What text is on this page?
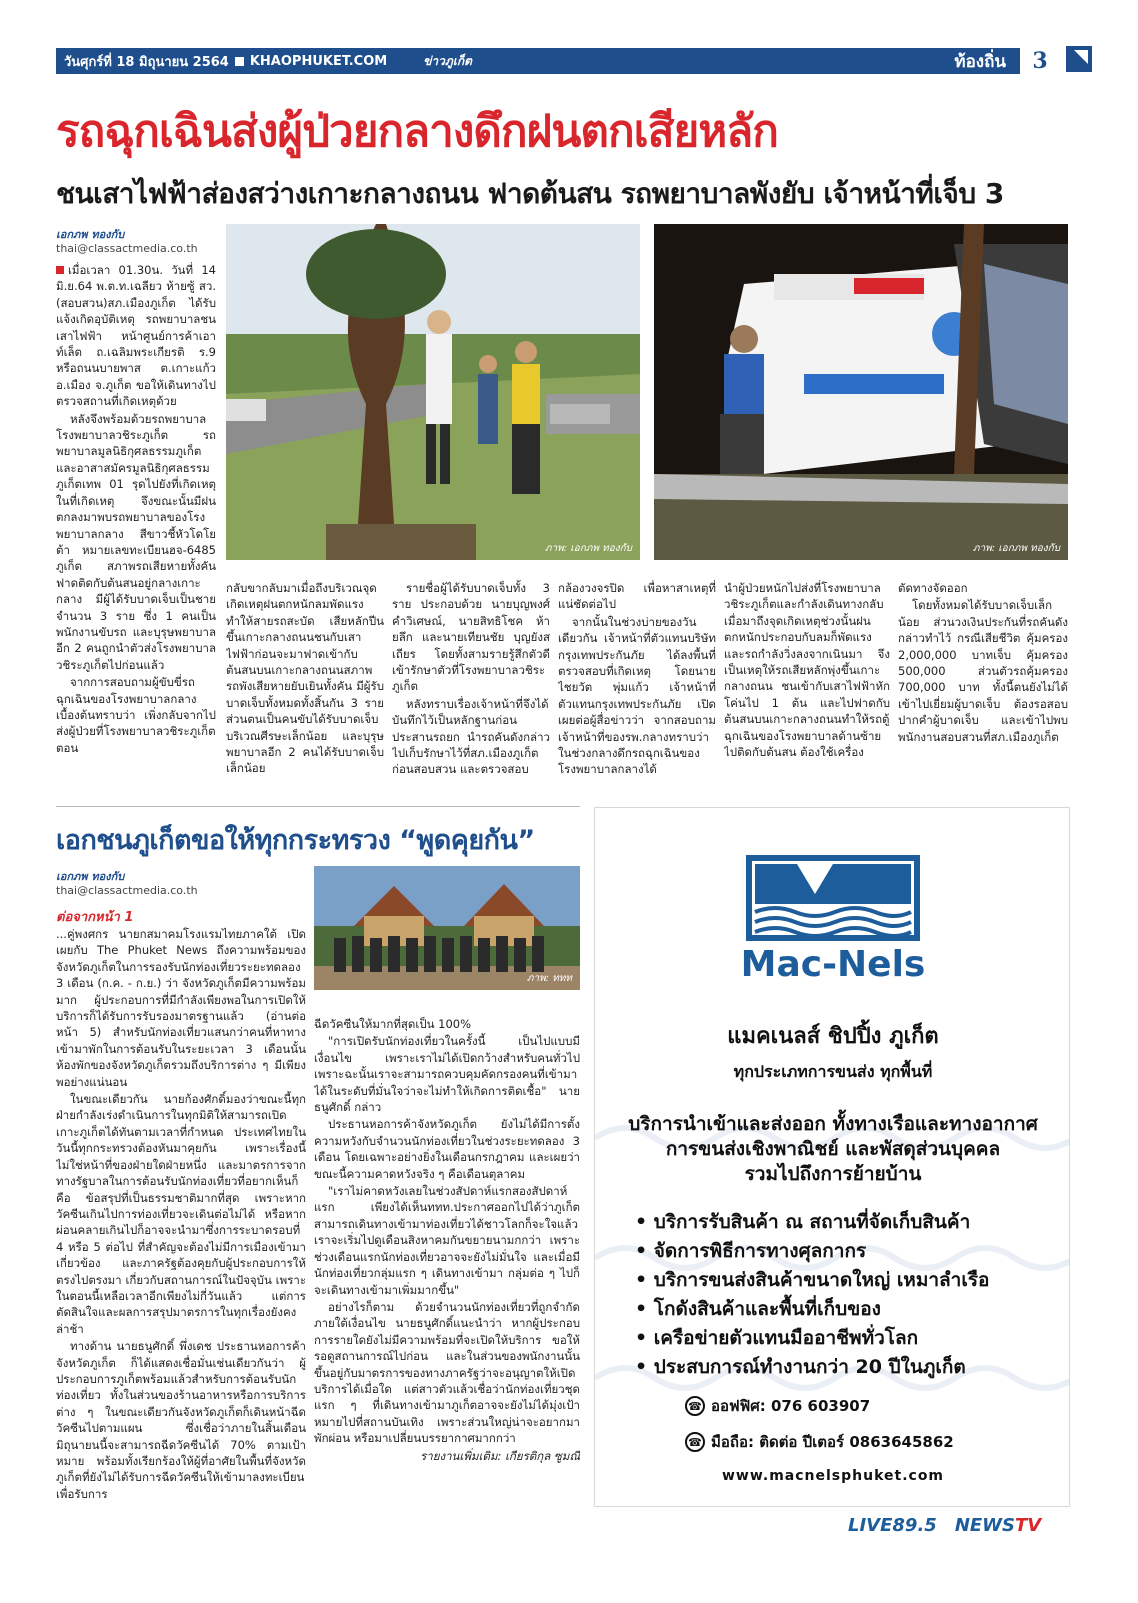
วันศุกร์ที่ 18 มิถุนายน 2564 KHAOPHUKET.COM	ข่าวภูเก็ต	ท้องถิ่น	3
รถฉุกเฉินส่งผู้ป่วยกลางดึกฝนตกเสียหลัก
ชนเสาไฟฟ้าส่องสว่างเกาะกลางถนน ฟาดต้นสน รถพยาบาลพังยับ เจ้าหน้าที่เจ็บ 3
เอกภพ ทองกับ
thai@classactmedia.co.th
ภาพ: เอกภพ ทองกับ	ภาพ: เอกภพ ทองกับ

เมื่อเวลา 01.30น. วันที่ 14 มิ.ย.64 พ.ต.ท.เฉลียว ห้ายซู้ สว.(สอบสวน)สภ.เมืองภูเก็ต ได้รับแจ้งเกิดอุบัติเหตุ รถพยาบาลชนเสาไฟฟ้า หน้าศูนย์การค้าเอาท์เล็ต ถ.เฉลิมพระเกียรติ ร.9 หรือถนนบายพาส ต.เกาะแก้ว อ.เมือง จ.ภูเก็ต ขอให้เดินทางไปตรวจสถานที่เกิดเหตุด้วย

หลังจึงพร้อมด้วยรถพยาบาล โรงพยาบาลวชิระภูเก็ต รถพยาบาลมูลนิธิกุศลธรรมภูเก็ต และอาสาสมัครมูลนิธิกุศลธรรมภูเก็ตเทพ 01 รุดไปยังที่เกิดเหตุในที่เกิดเหตุ จึงขณะนั้นมีฝนตกลงมาพบรถพยาบาลของโรงพยาบาลกลาง สีขาวชี้หัวโดโยต้า หมายเลขทะเบียนฮจ-6485 ภูเก็ต สภาพรถเสียหายทั้งคันฟาดติดกับต้นสนอยู่กลางเกาะกลาง มีผู้ได้รับบาดเจ็บเป็นชายจำนวน 3 ราย ซึ่ง 1 คนเป็นพนักงานขับรถ และบุรุษพยาบาลอีก 2 คนถูกนำตัวส่งโรงพยาบาลวชิระภูเก็ตไปก่อนแล้ว

จากการสอบถามผู้ขับขี่รถฉุกเฉินของโรงพยาบาลกลางเบื้องต้นทราบว่า เพิ่งกลับจากไปส่งผู้ป่วยที่โรงพยาบาลวชิระภูเก็ต ตอน

กลับขากลับมาเมื่อถึงบริเวณจุดเกิดเหตุฝนตกหนักลมพัดแรงทำให้สายรถสะบัด เสียหลักปีนขึ้นเกาะกลางถนนชนกับเสาไฟฟ้าก่อนจะมาฟาดเข้ากับต้นสนบนเกาะกลางถนนสภาพรถพังเสียหายยับเยินทั้งคัน มีผู้รับบาดเจ็บทั้งหมดทั้งสิ้นกัน 3 ราย ส่วนตนเป็นคนขับได้รับบาดเจ็บบริเวณศีรษะเล็กน้อย และบุรุษพยาบาลอีก 2 คนได้รับบาดเจ็บเล็กน้อย

รายชื่อผู้ได้รับบาดเจ็บทั้ง 3 ราย ประกอบด้วย นายบุญพงศ์ คำวิเศษณ์, นายสิทธิโชค ห้ายลึก และนายเทียนชัย บุญยังสเถียร โดยทั้งสามรายรู้สึกตัวดีเข้ารักษาตัวที่โรงพยาบาลวชิระภูเก็ต

หลังทราบเรื่องเจ้าหน้าที่จึงได้บันทึกไว้เป็นหลักฐานก่อนประสานรถยก นำรถคันดังกล่าวไปเก็บรักษาไว้ที่สภ.เมืองภูเก็ตก่อนสอบสวน และตรวจสอบ

กล้องวงจรปิด เพื่อหาสาเหตุที่แน่ชัดต่อไป

จากนั้นในช่วงบ่ายของวันเดียวกัน เจ้าหน้าที่ตัวแทนบริษัทกรุงเทพประกันภัย ได้ลงพื้นที่ตรวจสอบที่เกิดเหตุ โดยนายไชยวัต พุ่มแก้ว เจ้าหน้าที่ตัวแทนกรุงเทพประกันภัย เปิดเผยต่อผู้สื่อข่าวว่า จากสอบถามเจ้าหน้าที่ของรพ.กลางทราบว่า ในช่วงกลางดึกรถฉุกเฉินของโรงพยาบาลกลางได้

นำผู้ป่วยหนักไปส่งที่โรงพยาบาลวชิระภูเก็ตและกำลังเดินทางกลับ เมื่อมาถึงจุดเกิดเหตุช่วงนั้นฝนตกหนักประกอบกับลมก็พัดแรง และรถกำลังวิ่งลงจากเนินมา จึงเป็นเหตุให้รถเสียหลักพุ่งขึ้นเกาะกลางถนน ชนเข้ากับเสาไฟฟ้าหักโค่นไป 1 ต้น และไปฟาดกับต้นสนบนเกาะกลางถนนทำให้รถตู้ฉุกเฉินของโรงพยาบาลด้านซ้ายไปติดกับต้นสน ต้องใช้เครื่อง

ตัดทางจัดออก

โดยทั้งหมดได้รับบาดเจ็บเล็กน้อย ส่วนวงเงินประกันที่รถคันดังกล่าวทำไว้ กรณีเสียชีวิต คุ้มครอง 2,000,000 บาทเจ็บ คุ้มครอง 500,000 ส่วนตัวรถคุ้มครอง 700,000 บาท ทั้งนี้ตนยังไม่ได้เข้าไปเยี่ยมผู้บาดเจ็บ ต้องรอสอบปากคำผู้บาดเจ็บ และเข้าไปพบพนักงานสอบสวนที่สภ.เมืองภูเก็ต

เอกชนภูเก็ตขอให้ทุกกระทรวง “พูดคุยกัน”
เอกภพ ทองกับ
thai@classactmedia.co.th
ต่อจากหน้า 1
ภาพ: ททท

...คู่พงศกร นายกสมาคมโรงแรมไทยภาคใต้ เปิดเผยกับ The Phuket News ถึงความพร้อมของจังหวัดภูเก็ตในการรองรับนักท่องเที่ยวระยะทดลอง 3 เดือน (ก.ค. - ก.ย.) ว่า จังหวัดภูเก็ตมีความพร้อมมาก ผู้ประกอบการที่มีกำลังเพียงพอในการเปิดให้บริการก็ได้รับการรับรองมาตรฐานแล้ว (อ่านต่อหน้า 5) สำหรับนักท่องเที่ยวแสนกว่าคนที่หาทางเข้ามาพักในการต้อนรับในระยะเวลา 3 เดือนนั้น ห้องพักของจังหวัดภูเก็ตรวมถึงบริการต่าง ๆ มีเพียงพอย่างแน่นอน

ในขณะเดียวกัน นายก้องศักดิ์มองว่าขณะนี้ทุกฝ่ายกำลังเร่งดำเนินการในทุกมิติให้สามารถเปิดเกาะภูเก็ตได้ทันตามเวลาที่กำหนด ประเทศไทยในวันนี้ทุกกระทรวงต้องหันมาคุยกัน เพราะเรื่องนี้ไม่ใช่หน้าที่ของฝ่ายใดฝ่ายหนึ่ง และมาตรการจากทางรัฐบาลในการต้อนรับนักท่องเที่ยวที่อยากเห็นก็คือ ข้อสรุปที่เป็นธรรมชาติมากที่สุด เพราะหากวัคซีนเกินไปการท่องเที่ยวจะเดินต่อไม่ได้ หรือหากผ่อนคลายเกินไปก็อาจจะนำมาซึ่งการระบาดรอบที่ 4 หรือ 5 ต่อไป ที่สำคัญจะต้องไม่มีการเมืองเข้ามาเกี่ยวข้อง และภาครัฐต้องคุยกับผู้ประกอบการให้ตรงไปตรงมา เกี่ยวกับสถานการณ์ในปัจจุบัน เพราะในตอนนี้เหลือเวลาอีกเพียงไม่กี่วันแล้ว แต่การตัดสินใจและผลการสรุปมาตรการในทุกเรื่องยังคงล่าช้า

ทางด้าน นายธนูศักดิ์ พึ่งเดช ประธานหอการค้าจังหวัดภูเก็ต ก็ได้แสดงเชื่อมั่นเช่นเดียวกันว่า ผู้ประกอบการภูเก็ตพร้อมแล้วสำหรับการต้อนรับนักท่องเที่ยว ทั้งในส่วนของร้านอาหารหรือการบริการต่าง ๆ ในขณะเดียวกันจังหวัดภูเก็ตก็เดินหน้าฉีดวัคซีนไปตามแผน ซึ่งเชื่อว่าภายในสิ้นเดือนมิถุนายนนี้จะสามารถฉีดวัคซีนได้ 70% ตามเป้าหมาย พร้อมทั้งเรียกร้องให้ผู้ที่อาศัยในพื้นที่จังหวัดภูเก็ตที่ยังไม่ได้รับการฉีดวัคซีนให้เข้ามาลงทะเบียน เพื่อรับการ

ฉีดวัคซีนให้มากที่สุดเป็น 100%

"การเปิดรับนักท่องเที่ยวในครั้งนี้ เป็นไปแบบมีเงื่อนไข เพราะเราไม่ได้เปิดกว้างสำหรับคนทั่วไป เพราะฉะนั้นเราจะสามารถควบคุมคัดกรองคนที่เข้ามาได้ในระดับที่มั่นใจว่าจะไม่ทำให้เกิดการติดเชื้อ" นายธนูศักดิ์ กล่าว

ประธานหอการค้าจังหวัดภูเก็ต ยังไม่ได้มีการตั้งความหวังกับจำนวนนักท่องเที่ยวในช่วงระยะทดลอง 3 เดือน โดยเฉพาะอย่างยิ่งในเดือนกรกฎาคม และเผยว่าขณะนี้ความคาดหวังจริง ๆ คือเดือนตุลาคม

"เราไม่คาดหวังเลยในช่วงสัปดาห์แรกสองสัปดาห์แรก เพียงได้เห็นททท.ประกาศออกไปได้ว่าภูเก็ตสามารถเดินทางเข้ามาท่องเที่ยวได้ชาวโลกก็จะใจแล้ว เราจะเริ่มไปดูเดือนสิงหาคมกันขยายนามกกว่า เพราะช่วงเดือนแรกนักท่องเที่ยวอาจจะยังไม่มั่นใจ และเมื่อมีนักท่องเที่ยวกลุ่มแรก ๆ เดินทางเข้ามา กลุ่มต่อ ๆ ไปก็จะเดินทางเข้ามาเพิ่มมากขึ้น"

อย่างไรก็ตาม ด้วยจำนวนนักท่องเที่ยวที่ถูกจำกัดภายใต้เงื่อนไข นายธนูศักดิ์แนะนำว่า หากผู้ประกอบการรายใดยังไม่มีความพร้อมที่จะเปิดให้บริการ ขอให้รอดูสถานการณ์ไปก่อน และในส่วนของพนักงานนั้นขึ้นอยู่กับมาตรการของทางภาครัฐว่าจะอนุญาตให้เปิดบริการได้เมื่อใด แต่สาวตัวแล้วเชื่อว่านักท่องเที่ยวชุดแรก ๆ ที่เดินทางเข้ามาภูเก็ตอาจจะยังไม่ได้มุ่งเป้าหมายไปที่สถานบันเทิง เพราะส่วนใหญ่น่าจะอยากมาพักผ่อน หรือมาเปลี่ยนบรรยากาศมากกว่า

รายงานเพิ่มเติม: เกียรติกุล ซูมณี

Mac-Nels
แมคเนลส์ ชิปปิ้ง ภูเก็ต
ทุกประเภทการขนส่ง ทุกพื้นที่
บริการนำเข้าและส่งออก ทั้งทางเรือและทางอากาศ
การขนส่งเชิงพาณิชย์ และพัสดุส่วนบุคคล
รวมไปถึงการย้ายบ้าน
• บริการรับสินค้า ณ สถานที่จัดเก็บสินค้า
• จัดการพิธีการทางศุลกากร
• บริการขนส่งสินค้าขนาดใหญ่ เหมาลำเรือ
• โกดังสินค้าและพื้นที่เก็บของ
• เครือข่ายตัวแทนมืออาชีพทั่วโลก
• ประสบการณ์ทำงานกว่า 20 ปีในภูเก็ต
☎ ออฟฟิศ: 076 603907
☎ มือถือ: ติดต่อ ปีเตอร์ 0863645862
www.macnelsphuket.com
LIVE89.5 NEWSTV
